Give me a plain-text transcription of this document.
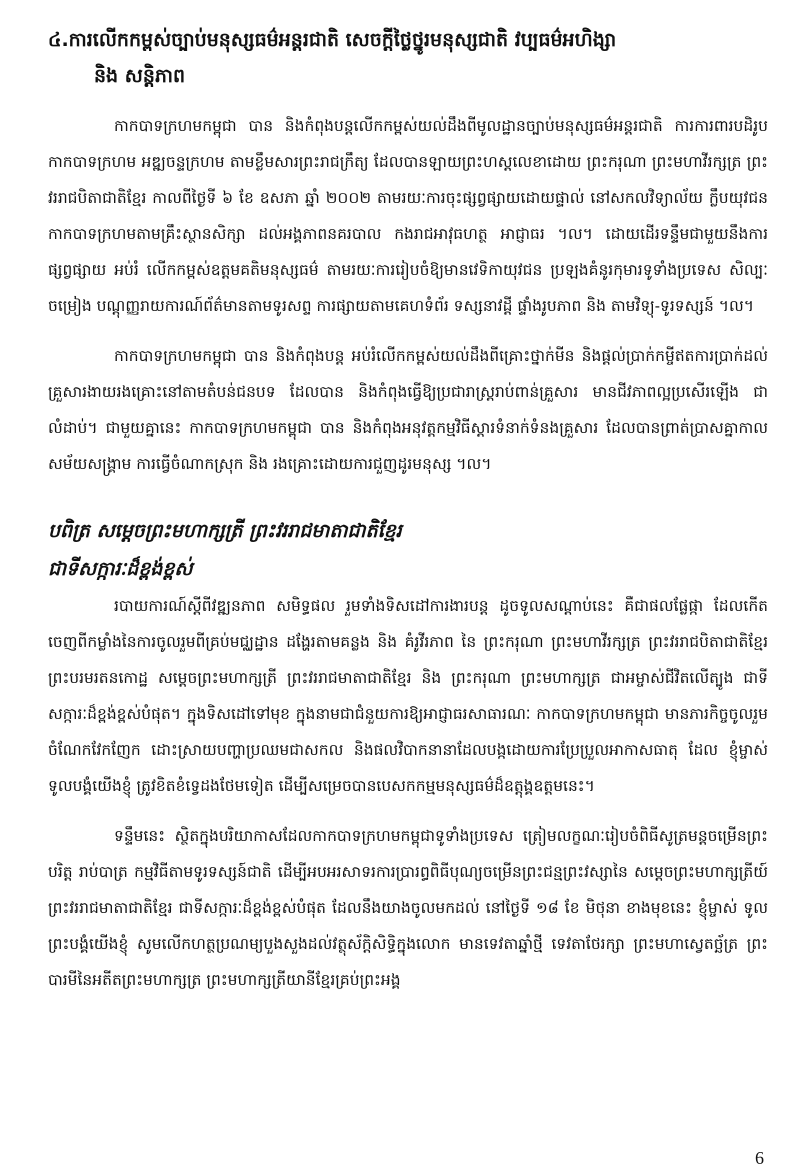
៤.ការលើកកម្ពស់ច្បាប់មនុស្សធម៌អន្តរជាតិ សេចក្តីថ្លៃថ្នូរមនុស្សជាតិ វប្បធម៌អហិង្សា
និង សន្តិភាព

កាកបាទក្រហមកម្ពុជា បាន និងកំពុងបន្តលើកកម្ពស់យល់ដឹងពីមូលដ្ឋានច្បាប់មនុស្សធម៌អន្តរជាតិ ការការពារបដិរូបកាកបាទក្រហម អឌ្ឍចន្ទក្រហម តាមខ្លឹមសារព្រះរាជក្រឹត្យ ដែលបានឡាយព្រះហស្តលេខាដោយ ព្រះករុណា ព្រះមហាវីរក្សត្រ ព្រះវររាជបិតាជាតិខ្មែរ កាលពីថ្ងៃទី ៦ ខែ ឧសភា ឆ្នាំ ២០០២ តាមរយៈការចុះផ្សព្វផ្សាយដោយផ្ទាល់ នៅសកលវិទ្យាល័យ ក្លឹបយុវជនកាកបាទក្រហមតាមគ្រឹះស្ថានសិក្សា ដល់អង្គភាពនគរបាល កងរាជអាវុធហត្ថ អាជ្ញាធរ ។ល។ ដោយដើរទន្ទឹមជាមួយនឹងការផ្សព្វផ្សាយ អប់រំ លើកកម្ពស់ឧត្តមគតិមនុស្សធម៌ តាមរយៈការរៀបចំឱ្យមានវេទិកាយុវជន ប្រឡងគំនូរកុមារទូទាំងប្រទេស សិល្បៈ ចម្រៀង បណ្តុញ្ញរាយការណ៍ព័ត៌មានតាមទូរសព្ទ ការផ្សាយតាមគេហទំព័រ ទស្សនាវដ្តី ផ្ទាំងរូបភាព និង តាមវិទ្យុ-ទូរទស្សន៍ ។ល។

កាកបាទក្រហមកម្ពុជា បាន និងកំពុងបន្ត អប់រំលើកកម្ពស់យល់ដឹងពីគ្រោះថ្នាក់មីន និងផ្តល់ប្រាក់កម្ចីឥតការប្រាក់ដល់គ្រួសារងាយរងគ្រោះនៅតាមតំបន់ជនបទ ដែលបាន និងកំពុងធ្វើឱ្យប្រជារាស្ត្ររាប់ពាន់គ្រួសារ មានជីវភាពល្អប្រសើរឡើង ជាលំដាប់។ ជាមួយគ្នានេះ កាកបាទក្រហមកម្ពុជា បាន និងកំពុងអនុវត្តកម្មវិធីស្តារទំនាក់ទំនងគ្រួសារ ដែលបានព្រាត់ប្រាសគ្នាកាលសម័យសង្គ្រាម ការធ្វើចំណាកស្រុក និង រងគ្រោះដោយការជួញដូរមនុស្ស ។ល។

បពិត្រ សម្តេចព្រះមហាក្សត្រី ព្រះវររាជមាតាជាតិខ្មែរ
ជាទីសក្ការៈដ៏ខ្ពង់ខ្ពស់

របាយការណ៍ស្តីពីវឌ្ឍនភាព សមិទ្ធផល រួមទាំងទិសដៅការងារបន្ត ដូចទូលសណ្តាប់នេះ គឺជាផលផ្លែផ្កា ដែលកើតចេញពីកម្លាំងនៃការចូលរួមពីគ្រប់មជ្ឈដ្ឋាន ដង្ហែរតាមគន្លង និង គំរូវីរភាព នៃ ព្រះករុណា ព្រះមហាវីរក្សត្រ ព្រះវររាជបិតាជាតិខ្មែរ ព្រះបរមរតនកោដ្ឋ សម្តេចព្រះមហាក្សត្រី ព្រះវររាជមាតាជាតិខ្មែរ និង ព្រះករុណា ព្រះមហាក្សត្រ ជាអម្ចាស់ជីវិតលើត្បូង ជាទីសក្ការៈដ៏ខ្ពង់ខ្ពស់បំផុត។ ក្នុងទិសដៅទៅមុខ ក្នុងនាមជាជំនួយការឱ្យអាជ្ញាធរសាធារណៈ កាកបាទក្រហមកម្ពុជា មានភារកិច្ចចូលរួមចំណែកវែកញែក ដោះស្រាយបញ្ហាប្រឈមជាសកល និងផលវិបាកនានាដែលបង្កដោយការប្រែប្រួលអាកាសធាតុ ដែល ខ្ញុំម្ចាស់ ទូលបង្គំយើងខ្ញុំ ត្រូវខិតខំទ្វេដងថែមទៀត ដើម្បីសម្រេចបានបេសកកម្មមនុស្សធម៌ដ៏ឧត្តុង្គឧត្តមនេះ។

ទន្ទឹមនេះ ស្ថិតក្នុងបរិយាកាសដែលកាកបាទក្រហមកម្ពុជាទូទាំងប្រទេស ត្រៀមលក្ខណៈរៀបចំពិធីសូត្រមន្តចម្រើនព្រះបរិត្ត រាប់បាត្រ កម្មវិធីតាមទូរទស្សន៍ជាតិ ដើម្បីអបអរសាទរការប្រារព្ធពិធីបុណ្យចម្រើនព្រះជន្មព្រះវស្សានៃ សម្តេចព្រះមហាក្សត្រីយ៍ ព្រះវររាជមាតាជាតិខ្មែរ ជាទីសក្ការៈដ៏ខ្ពង់ខ្ពស់បំផុត ដែលនឹងយាងចូលមកដល់ នៅថ្ងៃទី ១៨ ខែ មិថុនា ខាងមុខនេះ ខ្ញុំម្ចាស់ ទូលព្រះបង្គំយើងខ្ញុំ សូមលើកហត្ថប្រណម្យបួងសួងដល់វត្ថុស័ក្តិសិទ្ធិក្នុងលោក មានទេវតាឆ្នាំថ្មី ទេវតាថែរក្សា ព្រះមហាស្វេតច្ឆ័ត្រ ព្រះបារមីនៃអតីតព្រះមហាក្សត្រ ព្រះមហាក្សត្រីយានីខ្មែរគ្រប់ព្រះអង្គ

6
